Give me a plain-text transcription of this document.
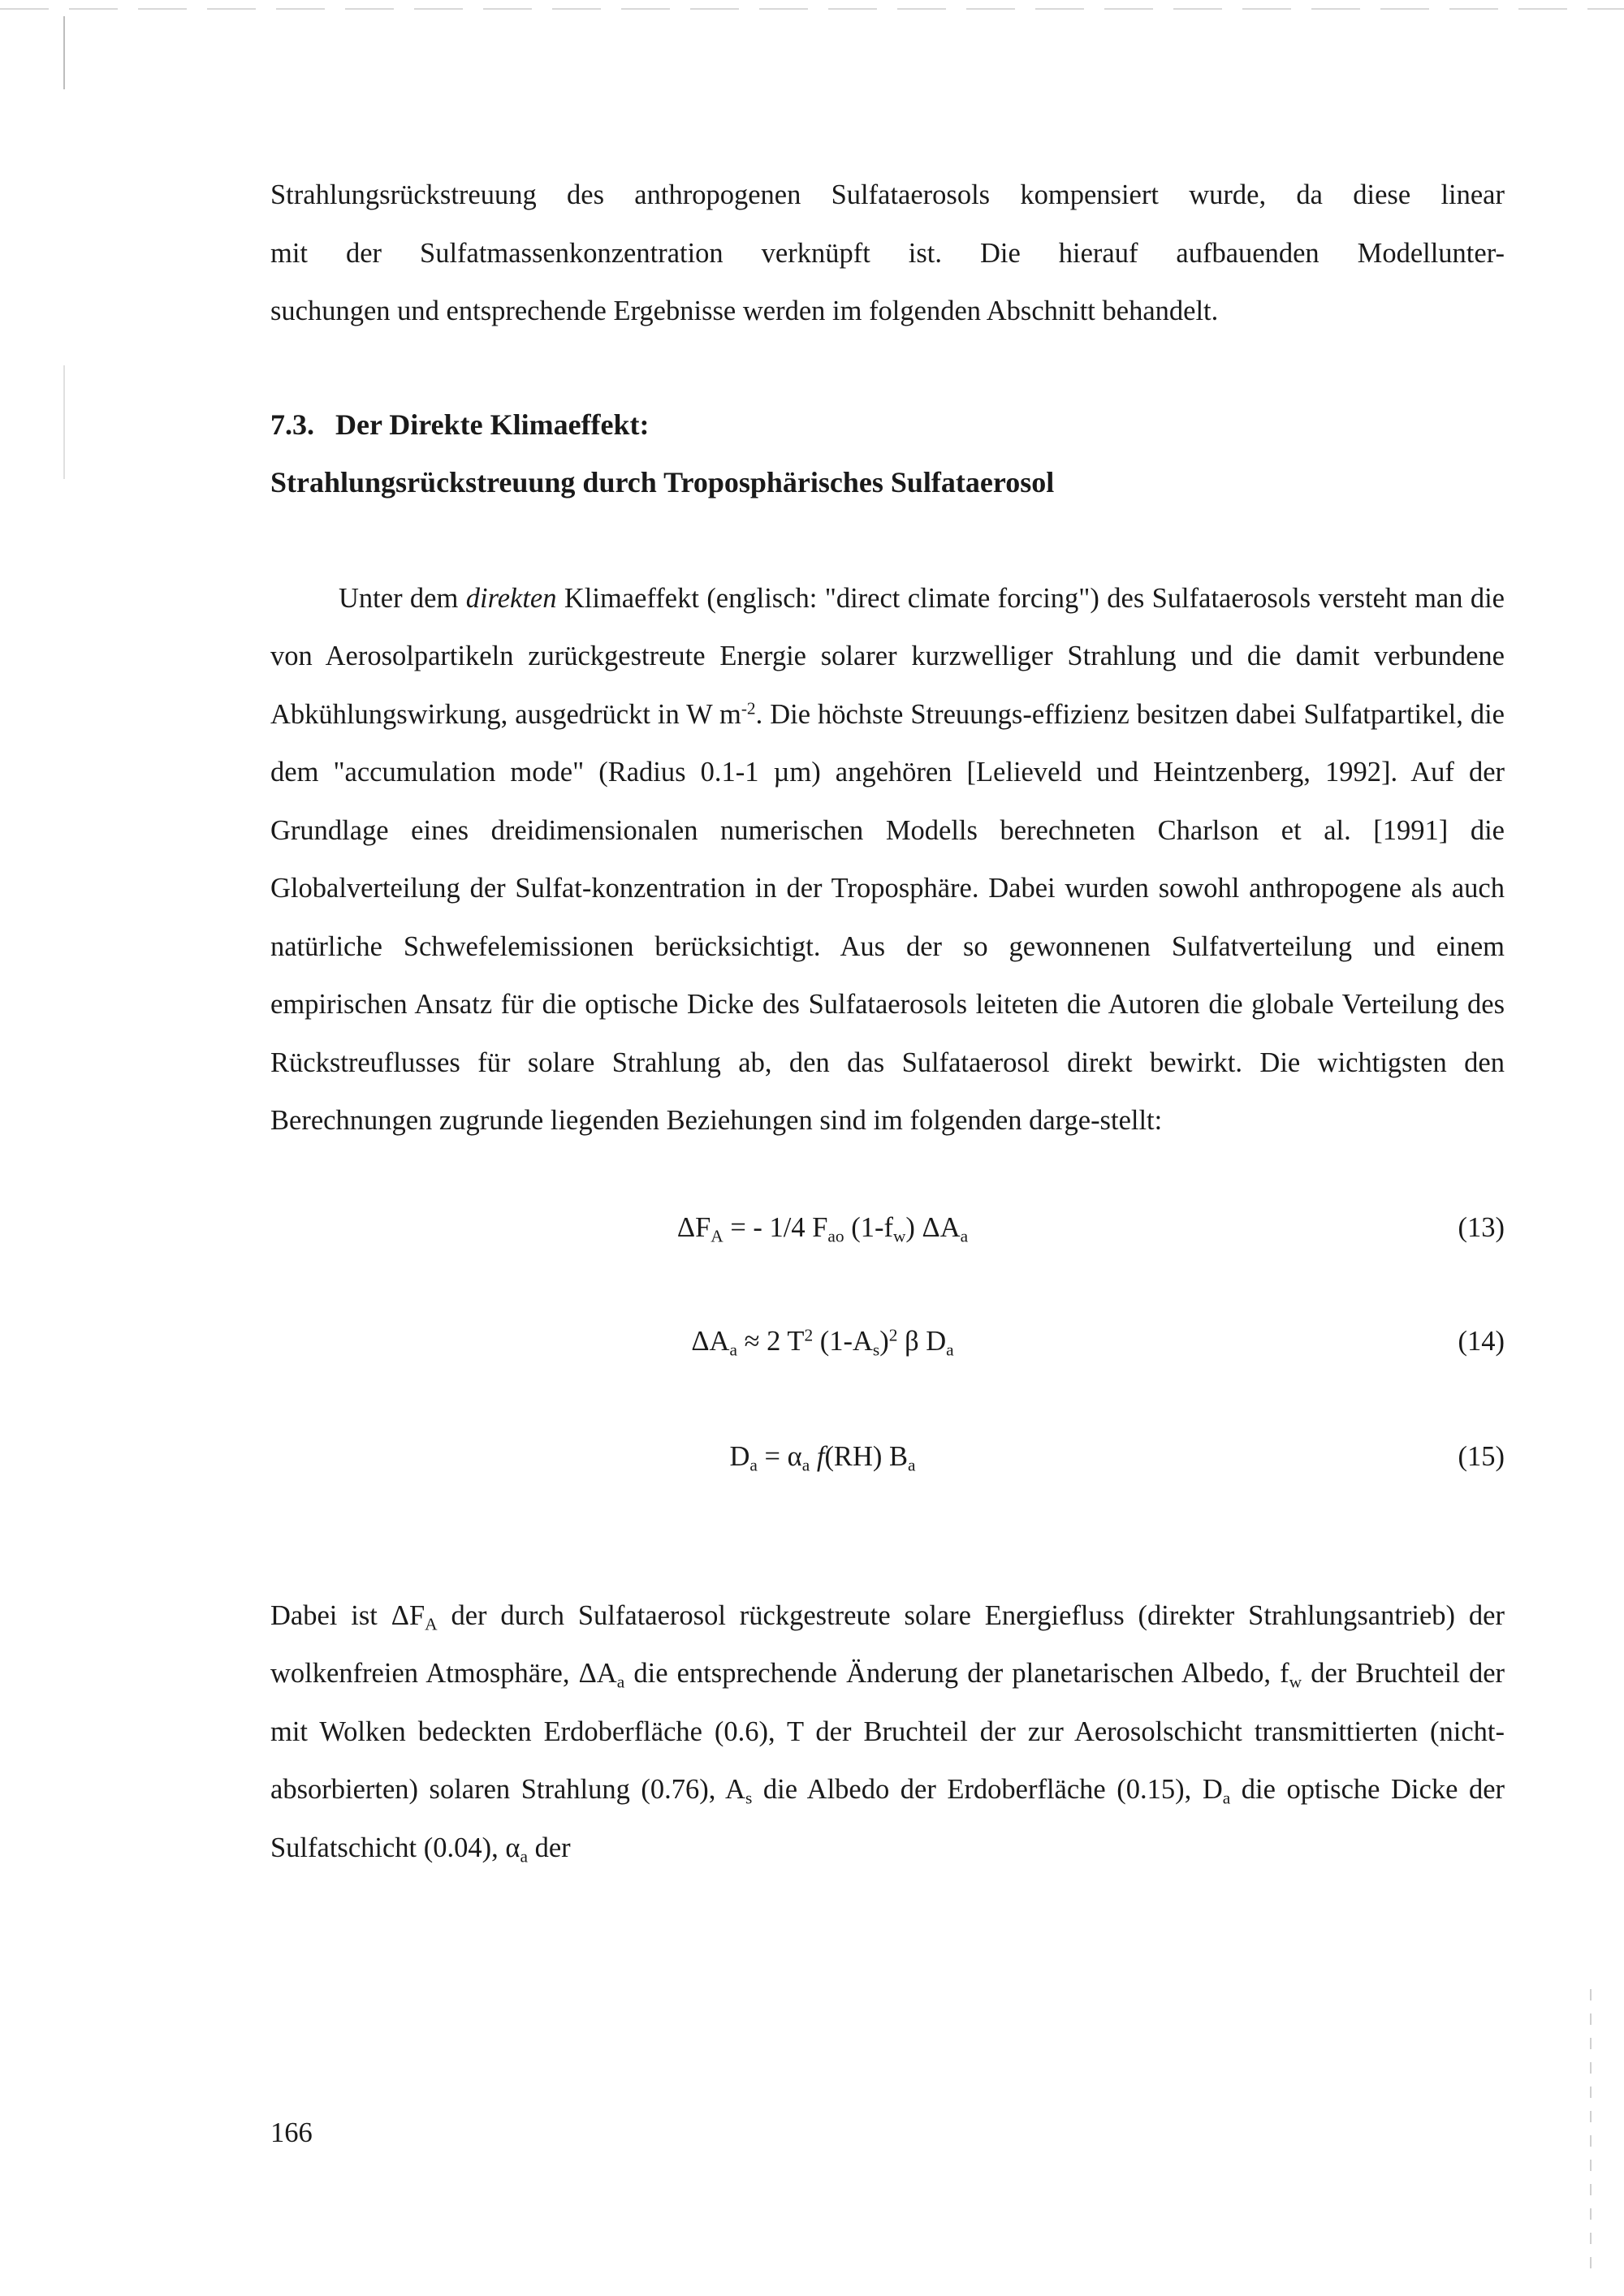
Strahlungsrückstreuung des anthropogenen Sulfataerosols kompensiert wurde, da diese linear
mit der Sulfatmassenkonzentration verknüpft ist. Die hierauf aufbauenden Modellunter-
suchungen und entsprechende Ergebnisse werden im folgenden Abschnitt behandelt.
7.3. Der Direkte Klimaeffekt:
Strahlungsrückstreuung durch Troposphärisches Sulfataerosol

Unter dem direkten Klimaeffekt (englisch: "direct climate forcing") des Sulfataerosols versteht man die von Aerosolpartikeln zurückgestreute Energie solarer kurzwelliger Strahlung und die damit verbundene Abkühlungswirkung, ausgedrückt in W $m^{-2}$. Die höchste Streuungs-effizienz besitzen dabei Sulfatpartikel, die dem "accumulation mode" (Radius 0.1-1 µm) angehören [Lelieveld und Heintzenberg, 1992]. Auf der Grundlage eines dreidimensionalen numerischen Modells berechneten Charlson et al. [1991] die Globalverteilung der Sulfat-konzentration in der Troposphäre. Dabei wurden sowohl anthropogene als auch natürliche Schwefelemissionen berücksichtigt. Aus der so gewonnenen Sulfatverteilung und einem empirischen Ansatz für die optische Dicke des Sulfataerosols leiteten die Autoren die globale Verteilung des Rückstreuflusses für solare Strahlung ab, den das Sulfataerosol direkt bewirkt. Die wichtigsten den Berechnungen zugrunde liegenden Beziehungen sind im folgenden darge-stellt:

$\Delta F_A$ = - 1/4 $F_{ao}$ $(1-f_w)$ $\Delta A_a$	(13)
$\Delta A_a \approx 2$ $T^2$ $(1-A_s)^2$ β $D_a$	(14)
$D_a = \alpha_a$ f(RH) $B_a$	(15)

Dabei ist $\Delta F_A$ der durch Sulfataerosol rückgestreute solare Energiefluss (direkter Strahlungsantrieb) der wolkenfreien Atmosphäre, $\Delta A_a$ die entsprechende Änderung der planetarischen Albedo, $f_w$ der Bruchteil der mit Wolken bedeckten Erdoberfläche (0.6), T der Bruchteil der zur Aerosolschicht transmittierten (nicht-absorbierten) solaren Strahlung (0.76), $A_s$ die Albedo der Erdoberfläche (0.15), $D_a$ die optische Dicke der Sulfatschicht (0.04), $\alpha_a$ der

166
